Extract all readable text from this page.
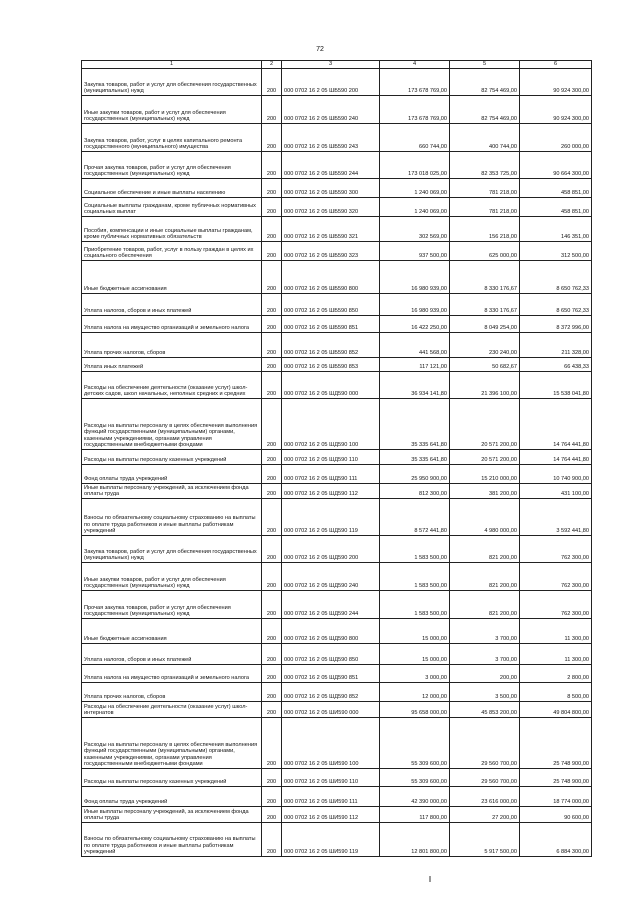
72
1	2	3	4	5	6
Закупка товаров, работ и услуг для обеспечения государственных (муниципальных) нужд	200	000 0702 16 2 05 ШБ590 200	173 678 769,00	82 754 469,00	90 924 300,00
Иные закупки товаров, работ и услуг для обеспечения государственных (муниципальных) нужд	200	000 0702 16 2 05 ШБ590 240	173 678 769,00	82 754 469,00	90 924 300,00
Закупка товаров, работ, услуг в целях капитального ремонта государственного (муниципального) имущества	200	000 0702 16 2 05 ШБ590 243	660 744,00	400 744,00	260 000,00
Прочая закупка товаров, работ и услуг для обеспечения государственных (муниципальных) нужд	200	000 0702 16 2 05 ШБ590 244	173 018 025,00	82 353 725,00	90 664 300,00
Социальное обеспечение и иные выплаты населению	200	000 0702 16 2 05 ШБ590 300	1 240 069,00	781 218,00	458 851,00
Социальные выплаты гражданам, кроме публичных нормативных социальных выплат	200	000 0702 16 2 05 ШБ590 320	1 240 069,00	781 218,00	458 851,00
Пособия, компенсации и иные социальные выплаты гражданам, кроме публичных нормативных обязательств	200	000 0702 16 2 05 ШБ590 321	302 569,00	156 218,00	146 351,00
Приобретение товаров, работ, услуг в пользу граждан в целях их социального обеспечения	200	000 0702 16 2 05 ШБ590 323	937 500,00	625 000,00	312 500,00
Иные бюджетные ассигнования	200	000 0702 16 2 05 ШБ590 800	16 980 939,00	8 330 176,67	8 650 762,33
Уплата налогов, сборов и иных платежей	200	000 0702 16 2 05 ШБ590 850	16 980 939,00	8 330 176,67	8 650 762,33
Уплата налога на имущество организаций и земельного налога	200	000 0702 16 2 05 ШБ590 851	16 422 250,00	8 049 254,00	8 372 996,00
Уплата прочих налогов, сборов	200	000 0702 16 2 05 ШБ590 852	441 568,00	230 240,00	211 328,00
Уплата иных платежей	200	000 0702 16 2 05 ШБ590 853	117 121,00	50 682,67	66 438,33
Расходы на обеспечение деятельности (оказание услуг) школ-детских садов, школ начальных, неполных средних и средних	200	000 0702 16 2 05 ШД590 000	36 934 141,80	21 396 100,00	15 538 041,80
Расходы на выплаты персоналу в целях обеспечения выполнения функций государственными (муниципальными) органами, казенными учреждениями, органами управления государственными внебюджетными фондами	200	000 0702 16 2 05 ШД590 100	35 335 641,80	20 571 200,00	14 764 441,80
Расходы на выплаты персоналу казенных учреждений	200	000 0702 16 2 05 ШД590 110	35 335 641,80	20 571 200,00	14 764 441,80
Фонд оплаты труда учреждений	200	000 0702 16 2 05 ШД590 111	25 950 900,00	15 210 000,00	10 740 900,00
Иные выплаты персоналу учреждений, за исключением фонда оплаты труда	200	000 0702 16 2 05 ШД590 112	812 300,00	381 200,00	431 100,00
Взносы по обязательному социальному страхованию на выплаты по оплате труда работников и иные выплаты работникам учреждений	200	000 0702 16 2 05 ШД590 119	8 572 441,80	4 980 000,00	3 592 441,80
Закупка товаров, работ и услуг для обеспечения государственных (муниципальных) нужд	200	000 0702 16 2 05 ШД590 200	1 583 500,00	821 200,00	762 300,00
Иные закупки товаров, работ и услуг для обеспечения государственных (муниципальных) нужд	200	000 0702 16 2 05 ШД590 240	1 583 500,00	821 200,00	762 300,00
Прочая закупка товаров, работ и услуг для обеспечения государственных (муниципальных) нужд	200	000 0702 16 2 05 ШД590 244	1 583 500,00	821 200,00	762 300,00
Иные бюджетные ассигнования	200	000 0702 16 2 05 ШД590 800	15 000,00	3 700,00	11 300,00
Уплата налогов, сборов и иных платежей	200	000 0702 16 2 05 ШД590 850	15 000,00	3 700,00	11 300,00
Уплата налога на имущество организаций и земельного налога	200	000 0702 16 2 05 ШД590 851	3 000,00	200,00	2 800,00
Уплата прочих налогов, сборов	200	000 0702 16 2 05 ШД590 852	12 000,00	3 500,00	8 500,00
Расходы на обеспечение деятельности (оказание услуг) школ-интернатов	200	000 0702 16 2 05 ШИ590 000	95 658 000,00	45 853 200,00	49 804 800,00
Расходы на выплаты персоналу в целях обеспечения выполнения функций государственными (муниципальными) органами, казенными учреждениями, органами управления государственными внебюджетными фондами	200	000 0702 16 2 05 ШИ590 100	55 309 600,00	29 560 700,00	25 748 900,00
Расходы на выплаты персоналу казенных учреждений	200	000 0702 16 2 05 ШИ590 110	55 309 600,00	29 560 700,00	25 748 900,00
Фонд оплаты труда учреждений	200	000 0702 16 2 05 ШИ590 111	42 390 000,00	23 616 000,00	18 774 000,00
Иные выплаты персоналу учреждений, за исключением фонда оплаты труда	200	000 0702 16 2 05 ШИ590 112	117 800,00	27 200,00	90 600,00
Взносы по обязательному социальному страхованию на выплаты по оплате труда работников и иные выплаты работникам учреждений	200	000 0702 16 2 05 ШИ590 119	12 801 800,00	5 917 500,00	6 884 300,00
